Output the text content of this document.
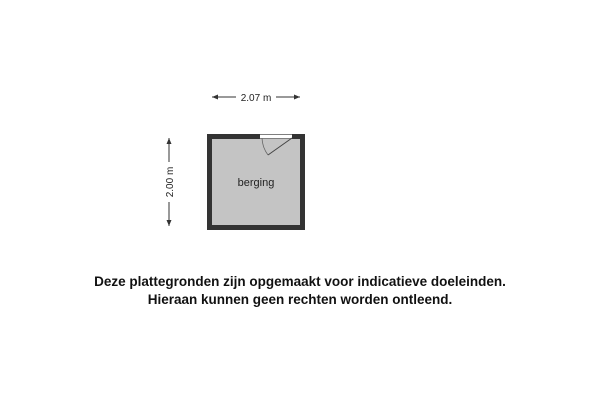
2.07 m
2.00 m	berging
Deze plattegronden zijn opgemaakt voor indicatieve doeleinden.
Hieraan kunnen geen rechten worden ontleend.
